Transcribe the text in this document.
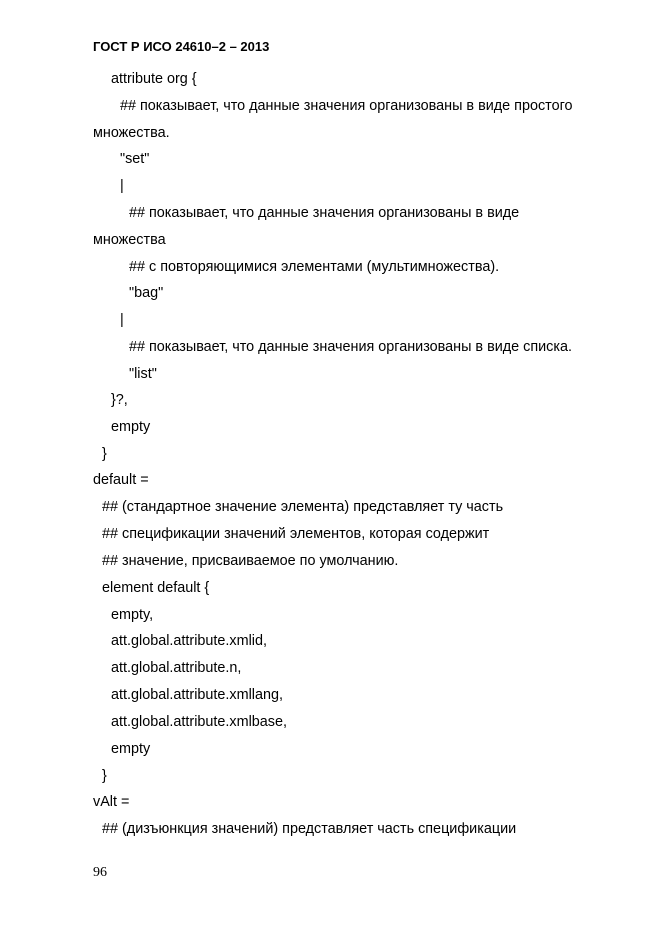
ГОСТ Р ИСО 24610–2 – 2013
attribute org {
## показывает, что данные значения организованы в виде простого
множества.
"set"
|
## показывает, что данные значения организованы в виде
множества
## с повторяющимися элементами (мультимножества).
"bag"
|
## показывает, что данные значения организованы в виде списка.
"list"
}?,
empty
}
default =
## (стандартное значение элемента) представляет ту часть
## спецификации значений элементов, которая содержит
## значение, присваиваемое по умолчанию.
element default {
empty,
att.global.attribute.xmlid,
att.global.attribute.n,
att.global.attribute.xmllang,
att.global.attribute.xmlbase,
empty
}
vAlt =
## (дизъюнкция значений) представляет часть спецификации
96
